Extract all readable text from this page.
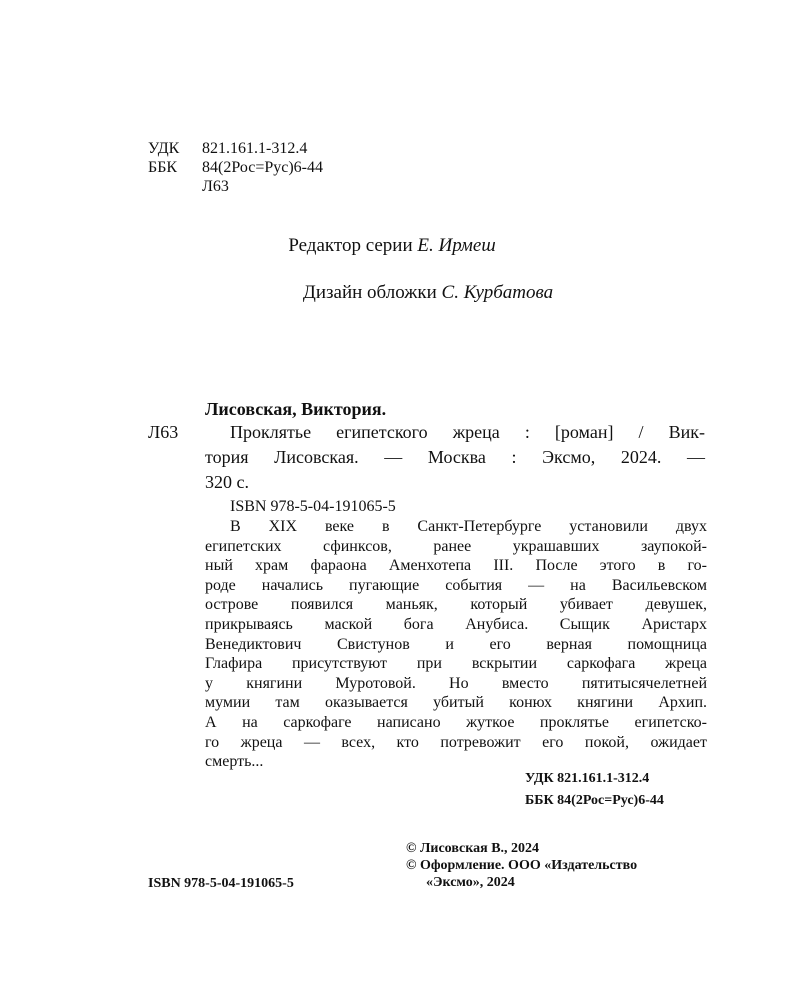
УДК	821.161.1-312.4
ББК	84(2Рос=Рус)6-44
Л63
Редактор серии Е. Ирмеш
Дизайн обложки С. Курбатова
Лисовская, Виктория.
Л63	Проклятье египетского жреца : [роман] / Вик-
тория Лисовская. — Москва : Эксмо, 2024. —
320 с.
ISBN 978-5-04-191065-5
В XIX веке в Санкт-Петербурге установили двух
египетских сфинксов, ранее украшавших заупокой-
ный храм фараона Аменхотепа III. После этого в го-
роде начались пугающие события — на Васильевском
острове появился маньяк, который убивает девушек,
прикрываясь маской бога Анубиса. Сыщик Аристарх
Венедиктович Свистунов и его верная помощница
Глафира присутствуют при вскрытии саркофага жреца
у княгини Муротовой. Но вместо пятитысячелетней
мумии там оказывается убитый конюх княгини Архип.
А на саркофаге написано жуткое проклятье египетско-
го жреца — всех, кто потревожит его покой, ожидает
смерть...
УДК 821.161.1-312.4
ББК 84(2Рос=Рус)6-44
© Лисовская В., 2024
© Оформление. ООО «Издательство
«Эксмо», 2024
ISBN 978-5-04-191065-5
